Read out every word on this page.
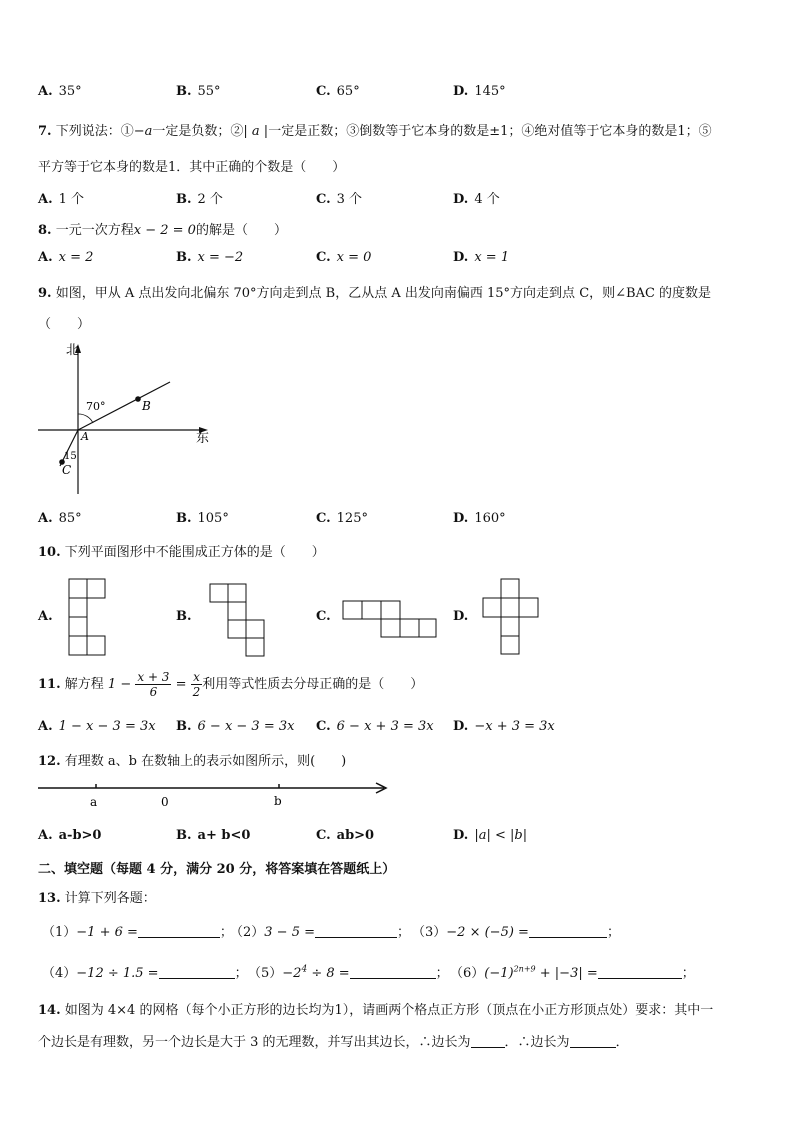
A. 35°	B. 55°	C. 65°	D. 145°
7. 下列说法：①−a一定是负数；②| a |一定是正数；③倒数等于它本身的数是±1；④绝对值等于它本身的数是1；⑤
平方等于它本身的数是1．其中正确的个数是（　　）
A. 1 个	B. 2 个	C. 3 个	D. 4 个
8. 一元一次方程x − 2 = 0的解是（　　）
A. x = 2	B. x = −2	C. x = 0	D. x = 1
9. 如图，甲从 A 点出发向北偏东 70°方向走到点 B，乙从点 A 出发向南偏西 15°方向走到点 C，则∠BAC 的度数是
（　　）
北
东
70°
15
A
B
C
A. 85°	B. 105°	C. 125°	D. 160°
10. 下列平面图形中不能围成正方体的是（　　）
A.	B.	C.	D.
11. 解方程 $1 - \frac{x + 3}{6} = \frac{x}{2}$ 利用等式性质去分母正确的是（　　）
A. 1 − x − 3 = 3x B. 6 − x − 3 = 3x C. 6 − x + 3 = 3x D. −x + 3 = 3x
12. 有理数 a、b 在数轴上的表示如图所示，则(　　)
a	0	b
A. a-b>0	B. a+ b<0	C. ab>0	D. |a| < |b|
二、填空题（每题 4 分，满分 20 分，将答案填在答题纸上）
13. 计算下列各题：
（1）−1 + 6 =	；
（2）3 − 5 =	； （3）−2 × (−5) =	；
（4）−12 ÷ 1.5 =	； $(5)-2^4 \div 8$ =	； $(6)(-1)^{2n+9} + |-3|$ =	；
14. 如图为 4×4 的网格（每个小正方形的边长均为1），请画两个格点正方形（顶点在小正方形顶点处）要求：其中一
个边长是有理数，另一个边长是大于 3 的无理数，并写出其边长，∴边长为	．∴边长为	．
